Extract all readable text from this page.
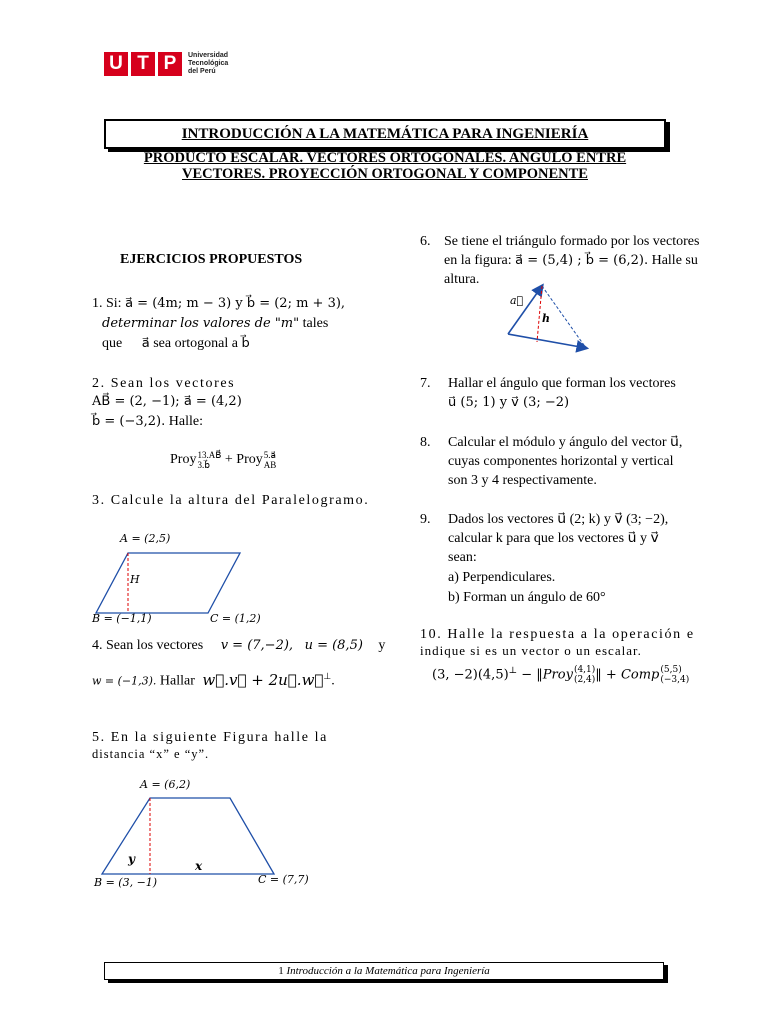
U T P	Universidad
Tecnológica
del Perú
INTRODUCCIÓN A LA MATEMÁTICA PARA INGENIERÍA
PRODUCTO ESCALAR. VECTORES ORTOGONALES. ANGULO ENTRE
VECTORES. PROYECCIÓN ORTOGONAL Y COMPONENTE
EJERCICIOS PROPUESTOS
1. Si: a⃗ = (4m; m − 3) y b⃗ = (2; m + 3),
determinar los valores de "m" tales
que a⃗ sea ortogonal a b⃗
2. Sean los vectores
AB⃗ = (2, −1); a⃗ = (4,2)
b⃗ = (−3,2). Halle:
Proy 13.AB⃗
3.b⃗	+ Proy 5.a⃗
AB
3. Calcule la altura del Paralelogramo.
A = (2,5)
H
B = (−1,1)	C = (1,2)
4. Sean los vectores v = (7,−2), u = (8,5) y
w = (−1,3). Hallar w⃗.v⃗ + 2u⃗.w⃗⊥.
5. En la siguiente Figura halle la
distancia “x” e “y”.
A = (6,2)
y	x
B = (3, −1)	C = (7,7)
6. Se tiene el triángulo formado por los vectores
en la figura: a⃗ = (5,4) ; b⃗ = (6,2). Halle su
altura.
a⃗
h
7. Hallar el ángulo que forman los vectores
u⃗ (5; 1) y v⃗ (3; −2)
8. Calcular el módulo y ángulo del vector u⃗,
cuyas componentes horizontal y vertical
son 3 y 4 respectivamente.
9. Dados los vectores u⃗ (2; k) y v⃗ (3; −2),
calcular k para que los vectores u⃗ y v⃗
sean:
a) Perpendiculares.
b) Forman un ángulo de 60°
10. Halle la respuesta a la operación e
indique si es un vector o un escalar.
(3, −2)(4,5)⊥ − ‖Proy (4,1)
(2,4) ‖ + Comp (5,5)
(−3,4)
1
Introducción a la Matemática para Ingeniería
